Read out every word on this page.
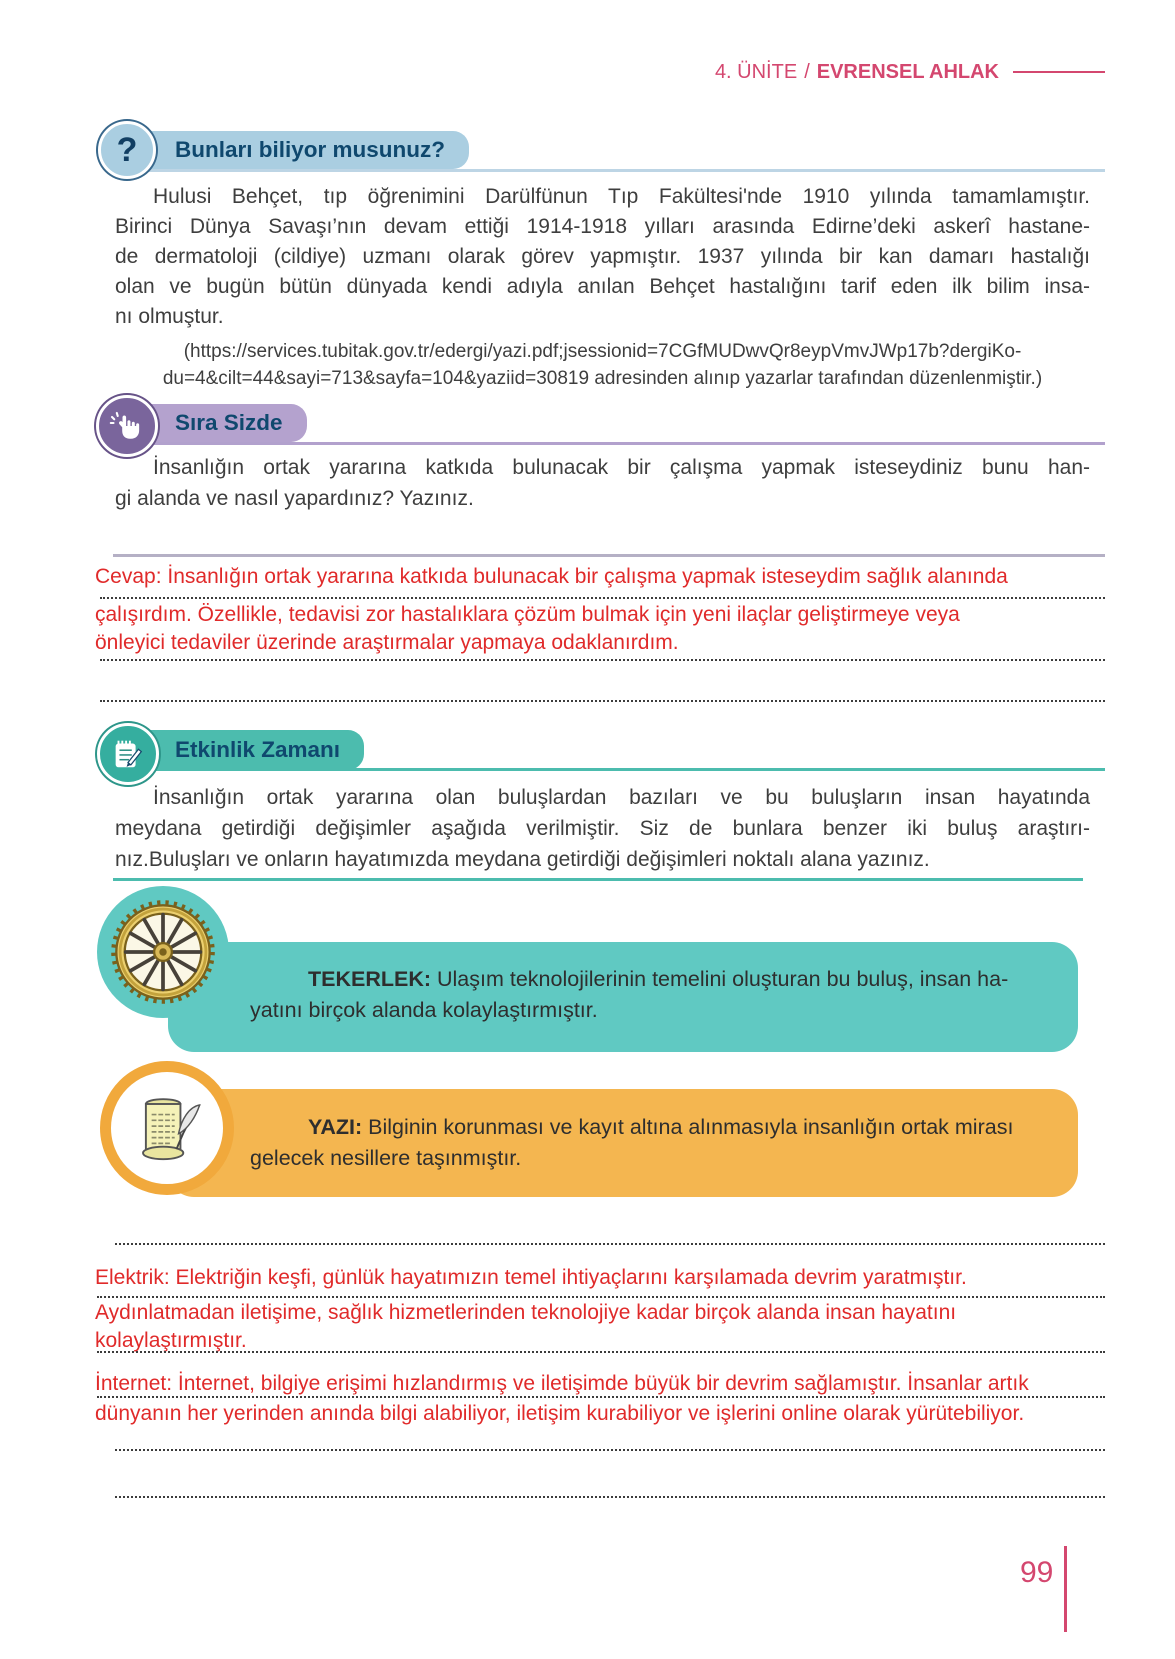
4. ÜNİTE / EVRENSEL AHLAK
Bunları biliyor musunuz?
?
Hulusi Behçet, tıp öğrenimini Darülfünun Tıp Fakültesi'nde 1910 yılında tamamlamıştır.
Birinci Dünya Savaşı’nın devam ettiği 1914-1918 yılları arasında Edirne’deki askerî hastane-
de dermatoloji (cildiye) uzmanı olarak görev yapmıştır. 1937 yılında bir kan damarı hastalığı
olan ve bugün bütün dünyada kendi adıyla anılan Behçet hastalığını tarif eden ilk bilim insa-
nı olmuştur.
(https://services.tubitak.gov.tr/edergi/yazi.pdf;jsessionid=7CGfMUDwvQr8eypVmvJWp17b?dergiKo-
du=4&cilt=44&sayi=713&sayfa=104&yaziid=30819 adresinden alınıp yazarlar tarafından düzenlenmiştir.)
Sıra Sizde
İnsanlığın ortak yararına katkıda bulunacak bir çalışma yapmak isteseydiniz bunu han-
gi alanda ve nasıl yapardınız? Yazınız.
Cevap: İnsanlığın ortak yararına katkıda bulunacak bir çalışma yapmak isteseydim sağlık alanında
çalışırdım. Özellikle, tedavisi zor hastalıklara çözüm bulmak için yeni ilaçlar geliştirmeye veya
önleyici tedaviler üzerinde araştırmalar yapmaya odaklanırdım.
Etkinlik Zamanı
İnsanlığın ortak yararına olan buluşlardan bazıları ve bu buluşların insan hayatında
meydana getirdiği değişimler aşağıda verilmiştir. Siz de bunlara benzer iki buluş araştırı-
nız.Buluşları ve onların hayatımızda meydana getirdiği değişimleri noktalı alana yazınız.
TEKERLEK: Ulaşım teknolojilerinin temelini oluşturan bu buluş, insan ha-
yatını birçok alanda kolaylaştırmıştır.
YAZI: Bilginin korunması ve kayıt altına alınmasıyla insanlığın ortak mirası
gelecek nesillere taşınmıştır.
Elektrik: Elektriğin keşfi, günlük hayatımızın temel ihtiyaçlarını karşılamada devrim yaratmıştır.
Aydınlatmadan iletişime, sağlık hizmetlerinden teknolojiye kadar birçok alanda insan hayatını
kolaylaştırmıştır.
İnternet: İnternet, bilgiye erişimi hızlandırmış ve iletişimde büyük bir devrim sağlamıştır. İnsanlar artık
dünyanın her yerinden anında bilgi alabiliyor, iletişim kurabiliyor ve işlerini online olarak yürütebiliyor.
99
